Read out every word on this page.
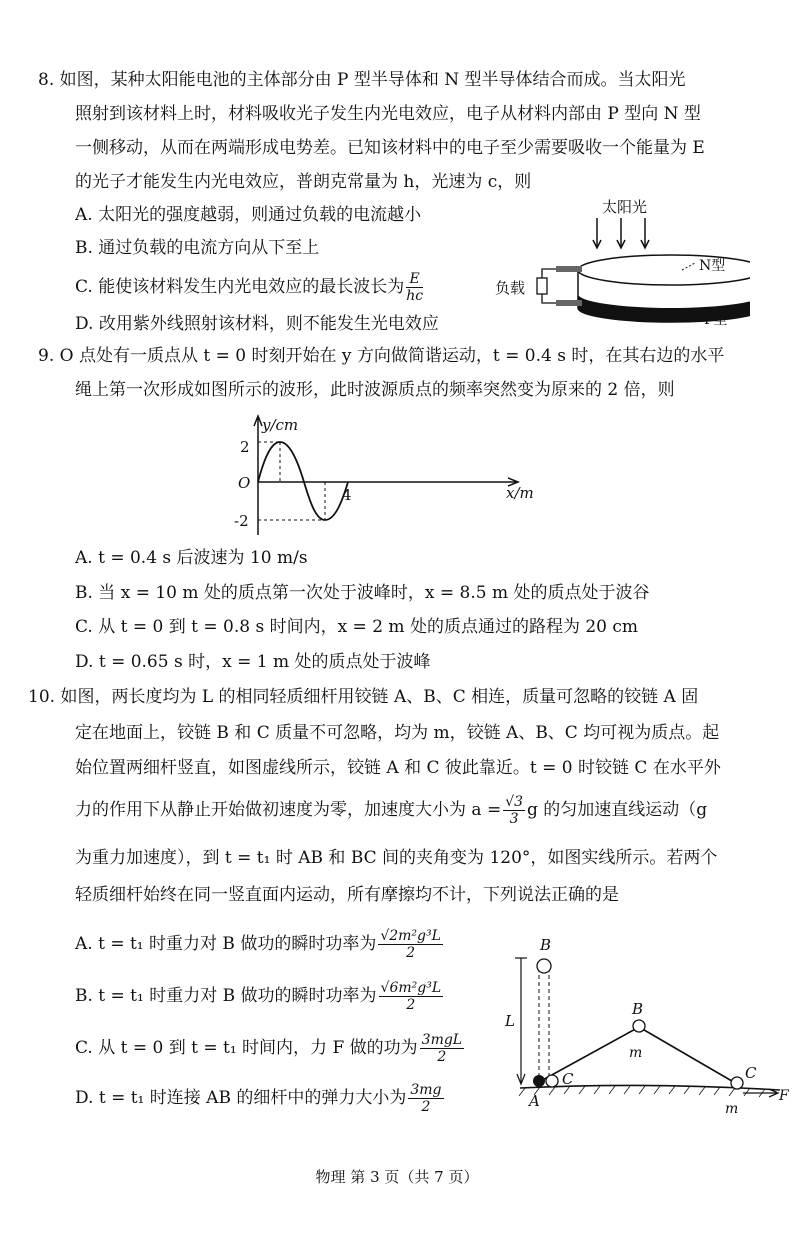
8. 如图，某种太阳能电池的主体部分由 P 型半导体和 N 型半导体结合而成。当太阳光
照射到该材料上时，材料吸收光子发生内光电效应，电子从材料内部由 P 型向 N 型
一侧移动，从而在两端形成电势差。已知该材料中的电子至少需要吸收一个能量为 E
的光子才能发生内光电效应，普朗克常量为 h，光速为 c，则
A. 太阳光的强度越弱，则通过负载的电流越小
B. 通过负载的电流方向从下至上
C. 能使该材料发生内光电效应的最长波长为 $\frac{E}{hc}$
D. 改用紫外线照射该材料，则不能发生光电效应
太阳光
负载
N型
P型
9. O 点处有一质点从 t = 0 时刻开始在 y 方向做简谐运动，t = 0.4 s 时，在其右边的水平
绳上第一次形成如图所示的波形，此时波源质点的频率突然变为原来的 2 倍，则
y/cm
x/m
2
-2
O
4
A. t = 0.4 s 后波速为 10 m/s
B. 当 x = 10 m 处的质点第一次处于波峰时，x = 8.5 m 处的质点处于波谷
C. 从 t = 0 到 t = 0.8 s 时间内，x = 2 m 处的质点通过的路程为 20 cm
D. t = 0.65 s 时，x = 1 m 处的质点处于波峰
10. 如图，两长度均为 L 的相同轻质细杆用铰链 A、B、C 相连，质量可忽略的铰链 A 固
定在地面上，铰链 B 和 C 质量不可忽略，均为 m，铰链 A、B、C 均可视为质点。起
始位置两细杆竖直，如图虚线所示，铰链 A 和 C 彼此靠近。t = 0 时铰链 C 在水平外
力的作用下从静止开始做初速度为零，加速度大小为 $a = \frac{√3}{3}$ g 的匀加速直线运动（g
为重力加速度），到 t = t₁ 时 AB 和 BC 间的夹角变为 120°，如图实线所示。若两个
轻质细杆始终在同一竖直面内运动，所有摩擦均不计，下列说法正确的是
A. t = t₁ 时重力对 B 做功的瞬时功率为 $\frac{\text{√2m²g³L}}{2}$
B. t = t₁ 时重力对 B 做功的瞬时功率为 $\frac{\text{√6m²g³L}}{2}$
C. 从 t = 0 到 t = t₁ 时间内，力 F 做的功为 3mgL
2
D. t = t₁ 时连接 AB 的细杆中的弹力大小为 $\frac{3mg}{2}$
L
B
B
m
A
C	C
m
F
物理 第 3 页（共 7 页）
